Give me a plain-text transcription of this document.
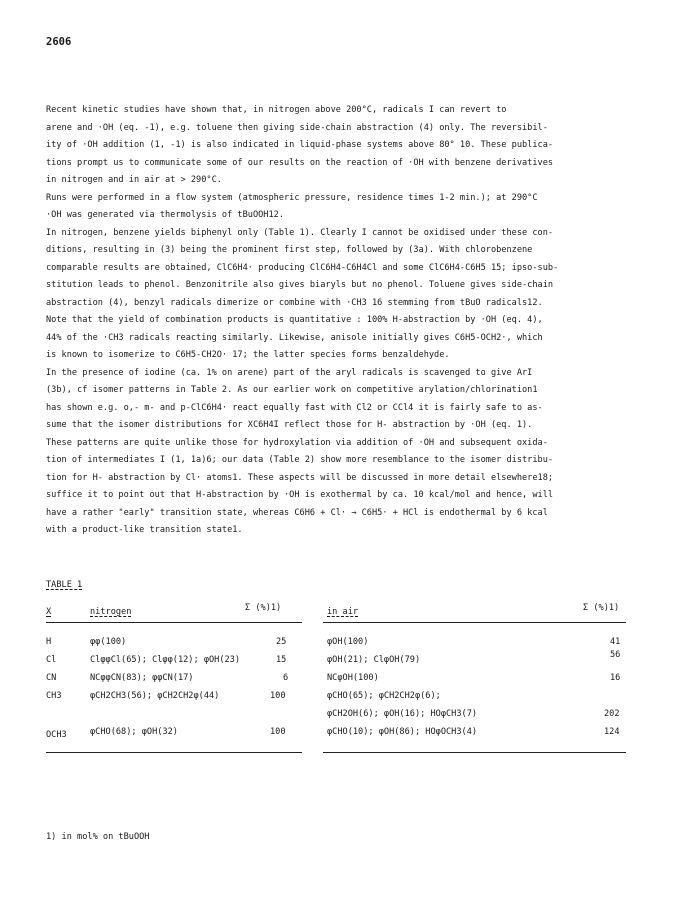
2606
Recent kinetic studies have shown that, in nitrogen above 200°C, radicals I can revert to
arene and ·OH (eq. -1), e.g. toluene then giving side-chain abstraction (4) only. The reversibil-
ity of ·OH addition (1, -1) is also indicated in liquid-phase systems above 80° 10. These publica-
tions prompt us to communicate some of our results on the reaction of ·OH with benzene derivatives
in nitrogen and in air at > 290°C.
Runs were performed in a flow system (atmospheric pressure, residence times 1-2 min.); at 290°C
·OH was generated via thermolysis of tBuOOH12.
In nitrogen, benzene yields biphenyl only (Table 1). Clearly I cannot be oxidised under these con-
ditions, resulting in (3) being the prominent first step, followed by (3a). With chlorobenzene
comparable results are obtained, ClC6H4· producing ClC6H4-C6H4Cl and some ClC6H4-C6H5 15; ipso-sub-
stitution leads to phenol. Benzonitrile also gives biaryls but no phenol. Toluene gives side-chain
abstraction (4), benzyl radicals dimerize or combine with ·CH3 16 stemming from tBuO radicals12.
Note that the yield of combination products is quantitative : 100% H-abstraction by ·OH (eq. 4),
44% of the ·CH3 radicals reacting similarly. Likewise, anisole initially gives C6H5-OCH2·, which
is known to isomerize to C6H5-CH2O· 17; the latter species forms benzaldehyde.
In the presence of iodine (ca. 1% on arene) part of the aryl radicals is scavenged to give ArI
(3b), cf isomer patterns in Table 2. As our earlier work on competitive arylation/chlorination1
has shown e.g. o,- m- and p-ClC6H4· react equally fast with Cl2 or CCl4 it is fairly safe to as-
sume that the isomer distributions for XC6H4I reflect those for H- abstraction by ·OH (eq. 1).
These patterns are quite unlike those for hydroxylation via addition of ·OH and subsequent oxida-
tion of intermediates I (1, 1a)6; our data (Table 2) show more resemblance to the isomer distribu-
tion for H- abstraction by Cl· atoms1. These aspects will be discussed in more detail elsewhere18;
suffice it to point out that H-abstraction by ·OH is exothermal by ca. 10 kcal/mol and hence, will
have a rather "early" transition state, whereas C6H6 + Cl· → C6H5· + HCl is endothermal by 6 kcal
with a product-like transition state1.
TABLE 1
X	nitrogen	Σ (%)1)	in air	Σ (%)1)
H	φφ(100)	25	φOH(100)	41
Cl	ClφφCl(65); Clφφ(12); φOH(23)	15	φOH(21); ClφOH(79)	56
CN	NCφφCN(83); φφCN(17)	6	NCφOH(100)	16
CH3	φCH2CH3(56); φCH2CH2φ(44)	100	φCHO(65); φCH2CH2φ(6);
φCH2OH(6); φOH(16); HOφCH3(7)	202
OCH3	φCHO(68); φOH(32)	100	φCHO(10); φOH(86); HOφOCH3(4)	124
1) in mol% on tBuOOH
